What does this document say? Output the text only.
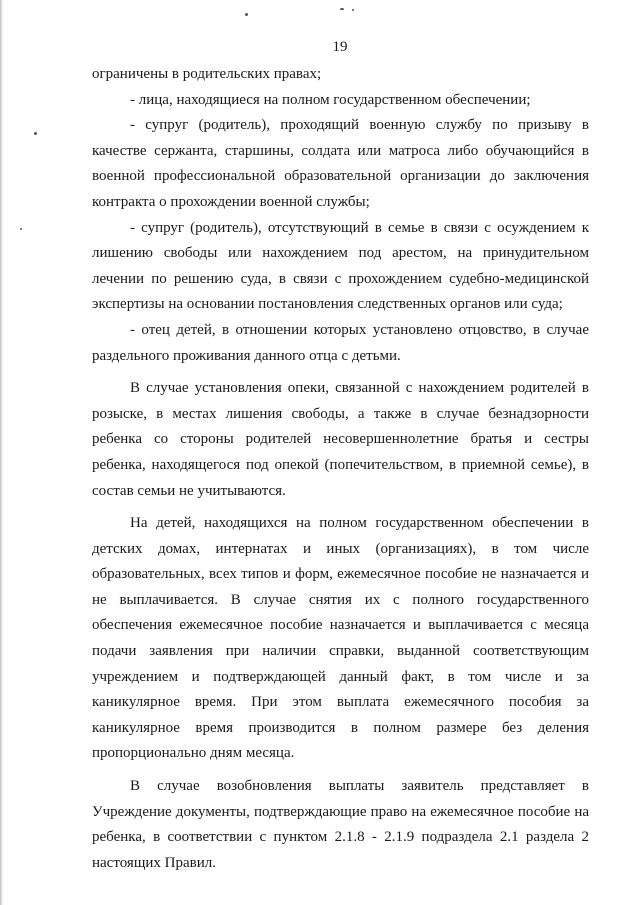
19

ограничены в родительских правах;

- лица, находящиеся на полном государственном обеспечении;

- супруг (родитель), проходящий военную службу по призыву в качестве сержанта, старшины, солдата или матроса либо обучающийся в военной профессиональной образовательной организации до заключения контракта о прохождении военной службы;

- супруг (родитель), отсутствующий в семье в связи с осуждением к лишению свободы или нахождением под арестом, на принудительном лечении по решению суда, в связи с прохождением судебно-медицинской экспертизы на основании постановления следственных органов или суда;

- отец детей, в отношении которых установлено отцовство, в случае раздельного проживания данного отца с детьми.

В случае установления опеки, связанной с нахождением родителей в розыске, в местах лишения свободы, а также в случае безнадзорности ребенка со стороны родителей несовершеннолетние братья и сестры ребенка, находящегося под опекой (попечительством, в приемной семье), в состав семьи не учитываются.

На детей, находящихся на полном государственном обеспечении в детских домах, интернатах и иных (организациях), в том числе образовательных, всех типов и форм, ежемесячное пособие не назначается и не выплачивается. В случае снятия их с полного государственного обеспечения ежемесячное пособие назначается и выплачивается с месяца подачи заявления при наличии справки, выданной соответствующим учреждением и подтверждающей данный факт, в том числе и за каникулярное время. При этом выплата ежемесячного пособия за каникулярное время производится в полном размере без деления пропорционально дням месяца.

В случае возобновления выплаты заявитель представляет в Учреждение документы, подтверждающие право на ежемесячное пособие на ребенка, в соответствии с пунктом 2.1.8 - 2.1.9 подраздела 2.1 раздела 2 настоящих Правил.
